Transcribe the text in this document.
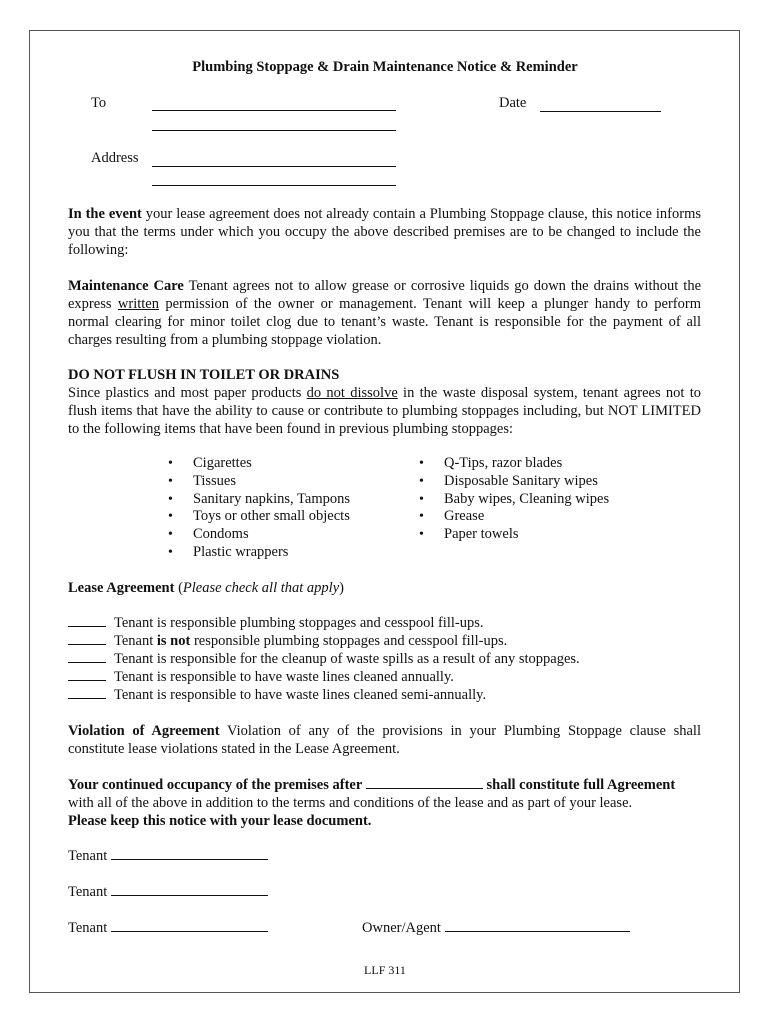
Plumbing Stoppage & Drain Maintenance Notice & Reminder
To	Date
Address

In the event your lease agreement does not already contain a Plumbing Stoppage clause, this notice informs you that the terms under which you occupy the above described premises are to be changed to include the following:

Maintenance Care Tenant agrees not to allow grease or corrosive liquids go down the drains without the express written permission of the owner or management. Tenant will keep a plunger handy to perform normal clearing for minor toilet clog due to tenant’s waste. Tenant is responsible for the payment of all charges resulting from a plumbing stoppage violation.

DO NOT FLUSH IN TOILET OR DRAINS

Since plastics and most paper products do not dissolve in the waste disposal system, tenant agrees not to flush items that have the ability to cause or contribute to plumbing stoppages including, but NOT LIMITED to the following items that have been found in previous plumbing stoppages:

• Cigarettes
• Tissues
• Sanitary napkins, Tampons
• Toys or other small objects
• Condoms
• Plastic wrappers
• Q-Tips, razor blades
• Disposable Sanitary wipes
• Baby wipes, Cleaning wipes
• Grease
• Paper towels

Lease Agreement (Please check all that apply)

Tenant is responsible plumbing stoppages and cesspool fill-ups.
Tenant is not responsible plumbing stoppages and cesspool fill-ups.
Tenant is responsible for the cleanup of waste spills as a result of any stoppages.
Tenant is responsible to have waste lines cleaned annually.
Tenant is responsible to have waste lines cleaned semi-annually.

Violation of Agreement Violation of any of the provisions in your Plumbing Stoppage clause shall constitute lease violations stated in the Lease Agreement.

Your continued occupancy of the premises after	shall constitute full Agreement

with all of the above in addition to the terms and conditions of the lease and as part of your lease.

Please keep this notice with your lease document.

Tenant
Tenant
Tenant	Owner/Agent
LLF 311
